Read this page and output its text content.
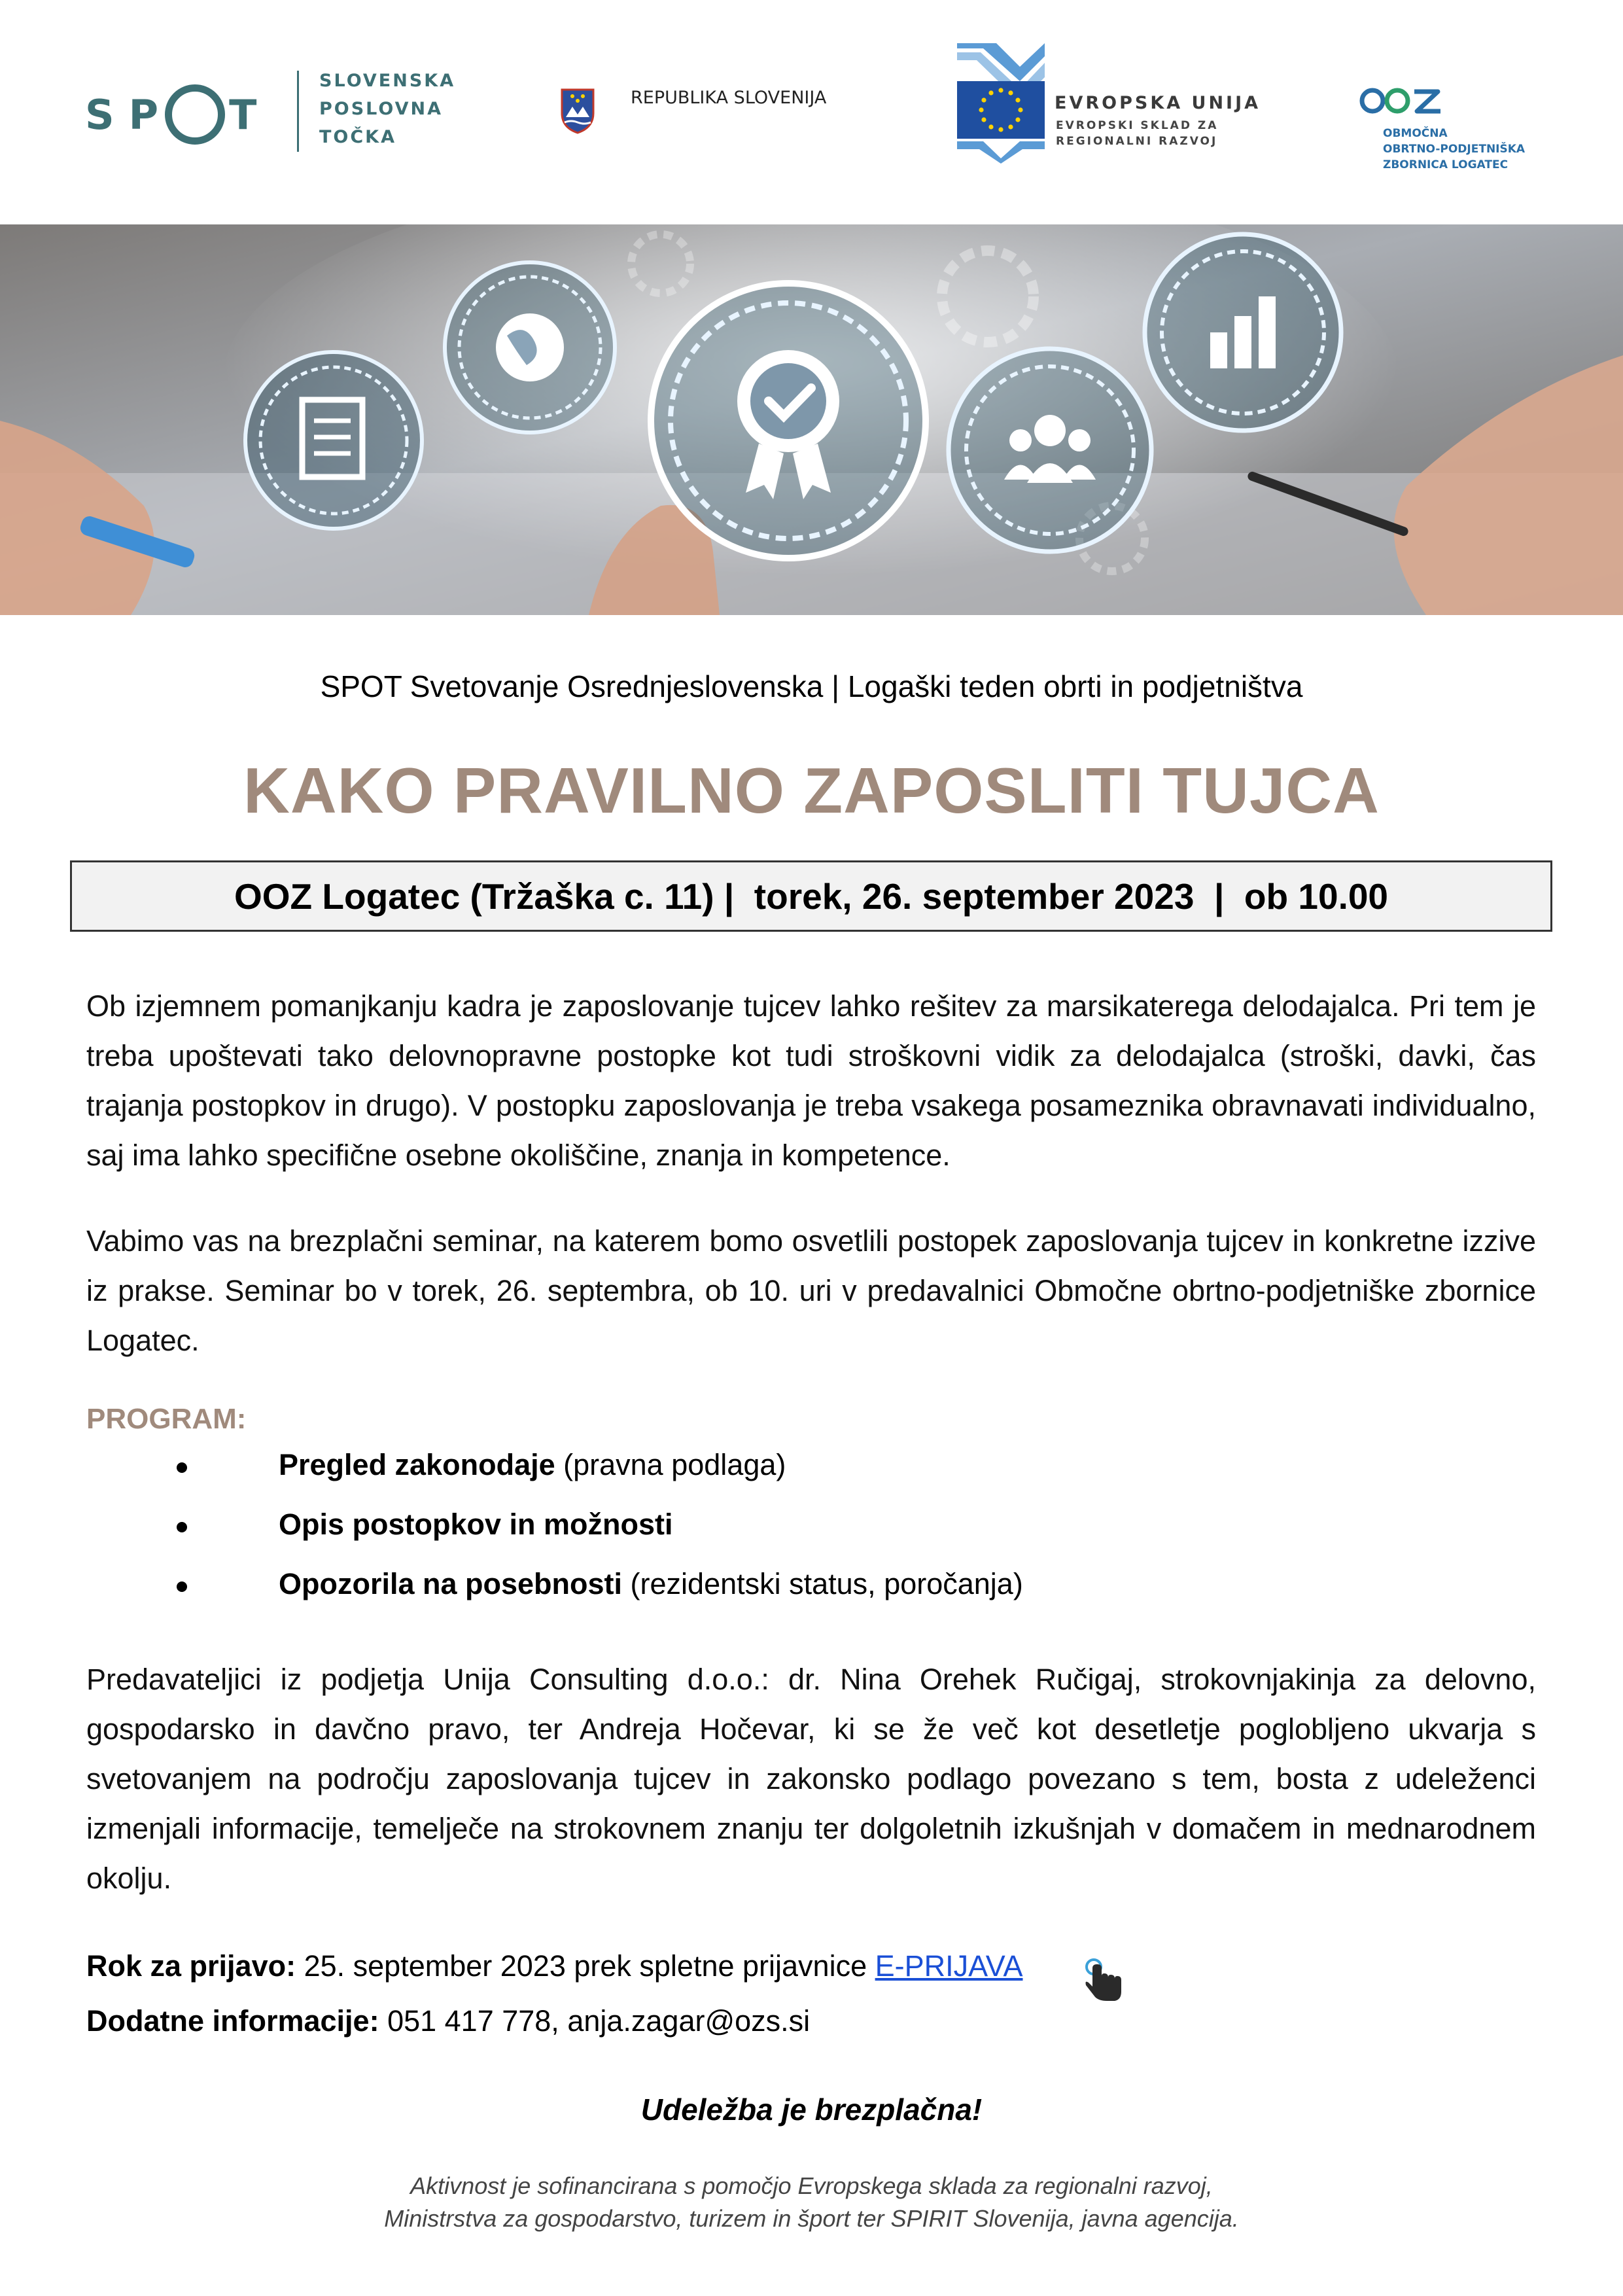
S P T
SLOVENSKA
POSLOVNA
TOČKA
REPUBLIKA SLOVENIJA	EVROPSKA UNIJA
EVROPSKI SKLAD ZA
REGIONALNI RAZVOJ
OBMOČNA
OBRTNO-PODJETNIŠKA
ZBORNICA LOGATEC
SPOT Svetovanje Osrednjeslovenska | Logaški teden obrti in podjetništva
KAKO PRAVILNO ZAPOSLITI TUJCA
OOZ Logatec (Tržaška c. 11) |  torek, 26. september 2023  |  ob 10.00
Ob izjemnem pomanjkanju kadra je zaposlovanje tujcev lahko rešitev za marsikaterega delodajalca. Pri tem je treba upoštevati tako delovnopravne postopke kot tudi stroškovni vidik za delodajalca (stroški, davki, čas trajanja postopkov in drugo). V postopku zaposlovanja je treba vsakega posameznika obravnavati individualno, saj ima lahko specifične osebne okoliščine, znanja in kompetence.
Vabimo vas na brezplačni seminar, na katerem bomo osvetlili postopek zaposlovanja tujcev in konkretne izzive iz prakse. Seminar bo v torek, 26. septembra, ob 10. uri v predavalnici Območne obrtno-podjetniške zbornice Logatec.
PROGRAM:
Pregled zakonodaje (pravna podlaga)
Opis postopkov in možnosti
Opozorila na posebnosti (rezidentski status, poročanja)
Predavateljici iz podjetja Unija Consulting d.o.o.: dr. Nina Orehek Ručigaj, strokovnjakinja za delovno, gospodarsko in davčno pravo, ter Andreja Hočevar, ki se že več kot desetletje poglobljeno ukvarja s svetovanjem na področju zaposlovanja tujcev in zakonsko podlago povezano s tem, bosta z udeleženci izmenjali informacije, temelječe na strokovnem znanju ter dolgoletnih izkušnjah v domačem in mednarodnem okolju.
Rok za prijavo: 25. september 2023 prek spletne prijavnice E-PRIJAVA
Dodatne informacije: 051 417 778, anja.zagar@ozs.si
Udeležba je brezplačna!
Aktivnost je sofinancirana s pomočjo Evropskega sklada za regionalni razvoj,
Ministrstva za gospodarstvo, turizem in šport ter SPIRIT Slovenija, javna agencija.
